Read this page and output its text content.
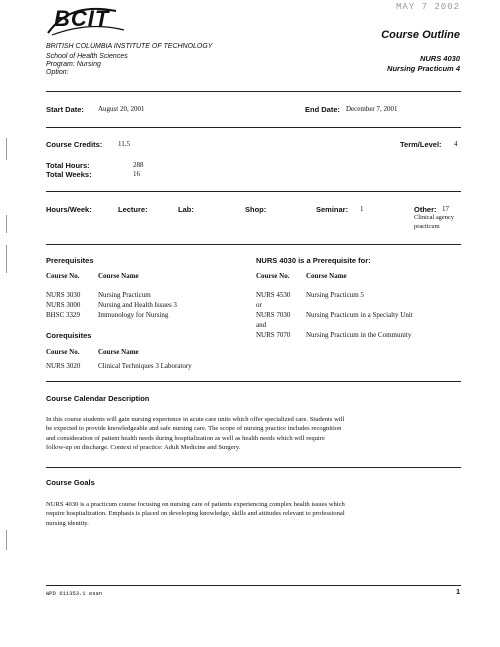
BCIT	MAY 7 2002
Course Outline
BRITISH COLUMBIA INSTITUTE OF TECHNOLOGY
School of Health Sciences
Program: Nursing
Option:
NURS 4030
Nursing Practicum 4
Start Date: August 20, 2001	End Date: December 7, 2001
Course Credits: 11.5	Term/Level: 4
Total Hours:	288
Total Weeks:	16
Hours/Week:	Lecture:	Lab:	Shop:	Seminar: 1	Other: 17
Clinical agency
practicum
Prerequisites
Course No.	Course Name
NURS 3030	Nursing Practicum
NURS 3000	Nursing and Health Issues 3
BHSC 3329	Immunology for Nursing
NURS 4030 is a Prerequisite for:
Course No. Course Name
NURS 4530 Nursing Practicum 5
or
NURS 7030 Nursing Practicum in a Specialty Unit
and
NURS 7070 Nursing Practicum in the Community
Corequisites
Course No.	Course Name
NURS 3020	Clinical Techniques 3 Laboratory
Course Calendar Description
In this course students will gain nursing experience in acute care units which offer specialized care. Students will
be expected to provide knowledgeable and safe nursing care. The scope of nursing practice includes recognition
and consideration of patient health needs during hospitalization as well as health needs which will require
follow-up on discharge. Context of practice: Adult Medicine and Surgery.
Course Goals
NURS 4030 is a practicum course focusing on nursing care of patients experiencing complex health issues which
require hospitalization. Emphasis is placed on developing knowledge, skills and attitudes relevant to professional
nursing identity.
WPD 611353.1 esan	1
